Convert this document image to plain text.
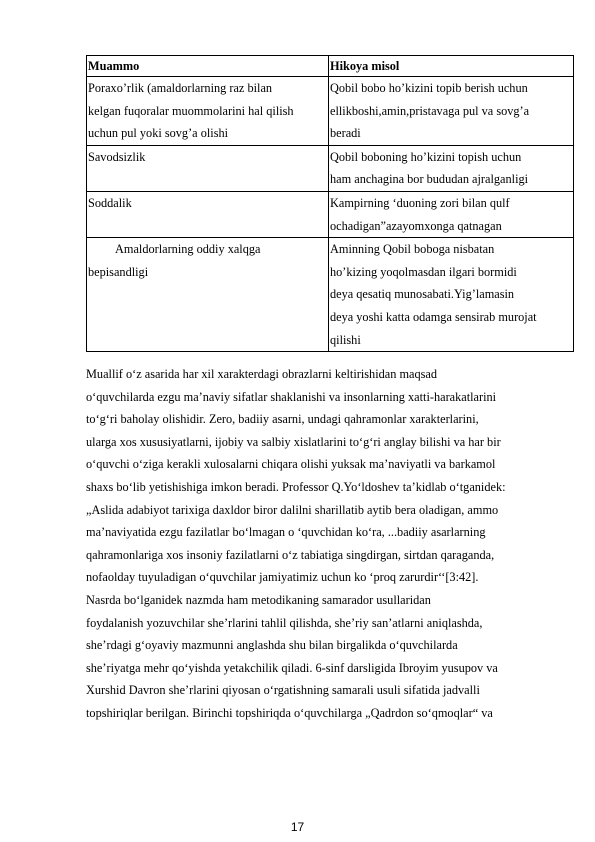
Muammo	Hikoya misol

Poraxo’rlik (amaldorlarning raz bilan
kelgan fuqoralar muommolarini hal qilish
uchun pul yoki sovg’a olishi	Qobil bobo ho’kizini topib berish uchun
ellikboshi,amin,pristavaga pul va sovg’a
beradi

Savodsizlik	Qobil boboning ho’kizini topish uchun
ham anchagina bor bududan ajralganligi

Soddalik	Kampirning ‘duoning zori bilan qulf
ochadigan”azayomxonga qatnagan

Amaldorlarning oddiy xalqga
bepisandligi	Aminning Qobil boboga nisbatan
ho’kizing yoqolmasdan ilgari bormidi
deya qesatiq munosabati.Yig’lamasin
deya yoshi katta odamga sensirab murojat
qilishi
Muallif o‘z asarida har xil xarakterdagi obrazlarni keltirishidan maqsad
o‘quvchilarda ezgu ma’naviy sifatlar shaklanishi va insonlarning xatti-harakatlarini
to‘g‘ri baholay olishidir. Zero, badiiy asarni, undagi qahramonlar xarakterlarini,
ularga xos xususiyatlarni, ijobiy va salbiy xislatlarini to‘g‘ri anglay bilishi va har bir
o‘quvchi o‘ziga kerakli xulosalarni chiqara olishi yuksak ma’naviyatli va barkamol
shaxs bo‘lib yetishishiga imkon beradi. Professor Q.Yo‘ldoshev ta’kidlab o‘tganidek:
„Aslida adabiyot tarixiga daxldor biror dalilni sharillatib aytib bera oladigan, ammo
ma’naviyatida ezgu fazilatlar bo‘lmagan o ‘quvchidan ko‘ra, ...badiiy asarlarning
qahramonlariga xos insoniy fazilatlarni o‘z tabiatiga singdirgan, sirtdan qaraganda,
nofaolday tuyuladigan o‘quvchilar jamiyatimiz uchun ko ‘proq zarurdir‘‘[3:42].
Nasrda bo‘lganidek nazmda ham metodikaning samarador usullaridan
foydalanish yozuvchilar she’rlarini tahlil qilishda, she’riy san’atlarni aniqlashda,
she’rdagi g‘oyaviy mazmunni anglashda shu bilan birgalikda o‘quvchilarda
she’riyatga mehr qo‘yishda yetakchilik qiladi. 6-sinf darsligida Ibroyim yusupov va
Xurshid Davron she’rlarini qiyosan o‘rgatishning samarali usuli sifatida jadvalli
topshiriqlar berilgan. Birinchi topshiriqda o‘quvchilarga „Qadrdon so‘qmoqlar“ va
17
